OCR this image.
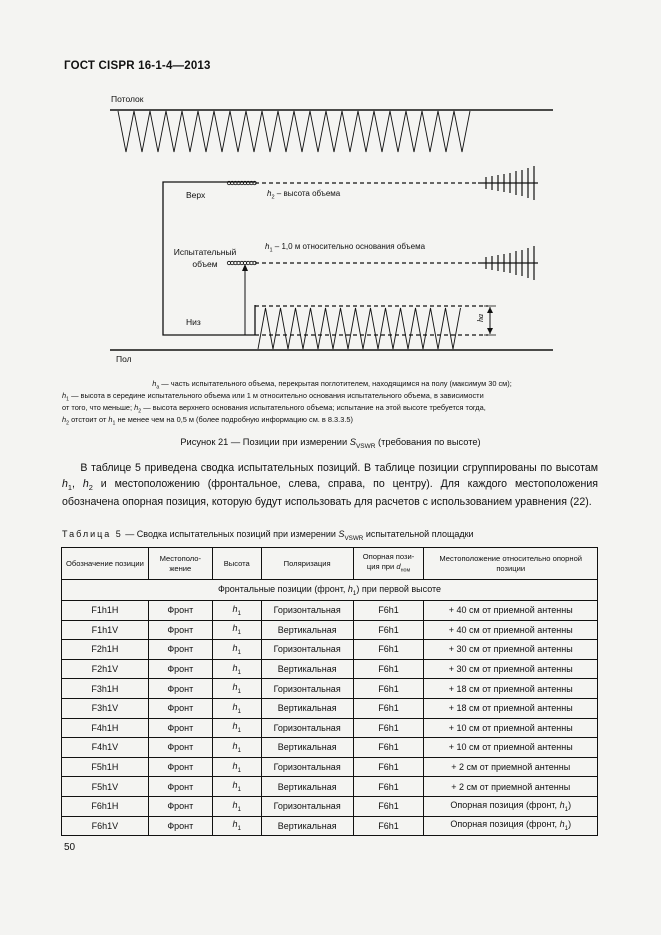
ГОСТ CISPR 16-1-4—2013
ha
Потолок
Верх
Испытательный объем
Низ
Пол
$h_2$ – высота объема
$h_1 - 1,0$ м относительно основания объема
$h_a$ — часть испытательного объема, перекрытая поглотителем, находящимся на полу (максимум 30 см);
$h_1$ — высота в середине испытательного объема или 1 м относительно основания испытательного объема, в зависимости
от того, что меньше; $h_2$ — высота верхнего основания испытательного объема; испытание на этой высоте требуется тогда,
$h_2$ отстоит от $h_1$ не менее чем на 0,5 м (более подробную информацию см. в 8.3.3.5)
Рисунок 21 — Позиции при измерении $S_{VSWR}$ (требования по высоте)
В таблице 5 приведена сводка испытательных позиций. В таблице позиции сгруппированы по высотам $h_1$, $h_2$ и местоположению (фронтальное, слева, справа, по центру). Для каждого местоположения обозначена опорная позиция, которую будут использовать для расчетов с использованием уравнения (22).
Таблица 5 — Сводка испытательных позиций при измерении $S_{VSWR}$ испытательной площадки
Обозначение позиции	Местополо-жение	Высота	Поляризация	Опорная пози-
ция при $d_{ном}$	Местоположение относительно опорной позиции
Фронтальные позиции (фронт, $h_1$) при первой высоте					
F1h1H	Фронт	$h_1$	Горизонтальная	F6h1	+ 40 см от приемной антенны
F1h1V	Фронт	$h_1$	Вертикальная	F6h1	+ 40 см от приемной антенны
F2h1H	Фронт	$h_1$	Горизонтальная	F6h1	+ 30 см от приемной антенны
F2h1V	Фронт	$h_1$	Вертикальная	F6h1	+ 30 см от приемной антенны
F3h1H	Фронт	$h_1$	Горизонтальная	F6h1	+ 18 см от приемной антенны
F3h1V	Фронт	$h_1$	Вертикальная	F6h1	+ 18 см от приемной антенны
F4h1H	Фронт	$h_1$	Горизонтальная	F6h1	+ 10 см от приемной антенны
F4h1V	Фронт	$h_1$	Вертикальная	F6h1	+ 10 см от приемной антенны
F5h1H	Фронт	$h_1$	Горизонтальная	F6h1	+ 2 см от приемной антенны
F5h1V	Фронт	$h_1$	Вертикальная	F6h1	+ 2 см от приемной антенны
F6h1H	Фронт	$h_1$	Горизонтальная	F6h1	Опорная позиция (фронт, $h_1$)
F6h1V	Фронт	$h_1$	Вертикальная	F6h1	Опорная позиция (фронт, $h_1$)
50
